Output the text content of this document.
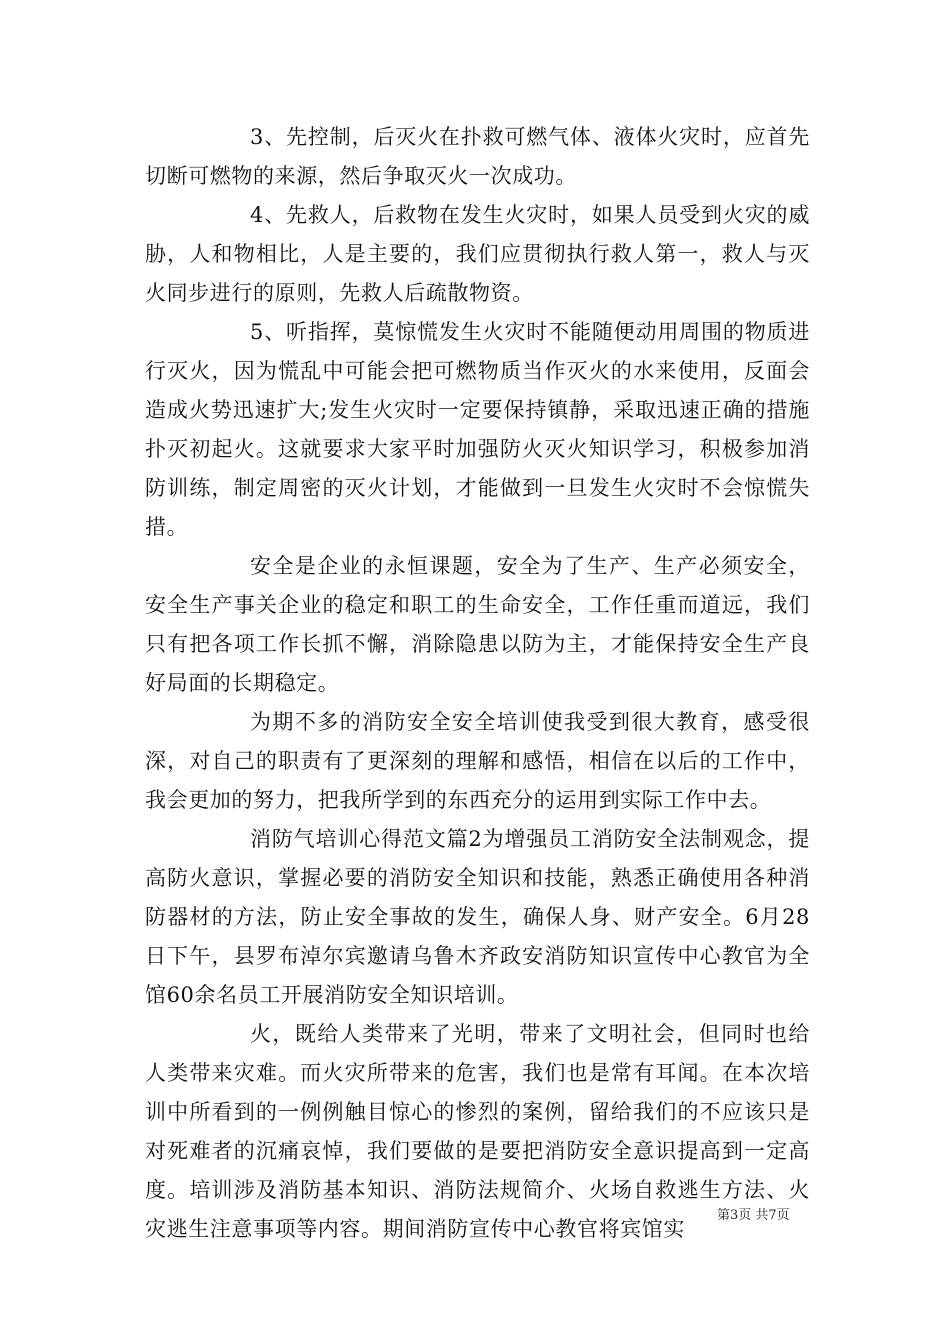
3、先控制，后灭火在扑救可燃气体、液体火灾时，应首先切断可燃物的来源，然后争取灭火一次成功。

4、先救人，后救物在发生火灾时，如果人员受到火灾的威胁，人和物相比，人是主要的，我们应贯彻执行救人第一，救人与灭火同步进行的原则，先救人后疏散物资。

5、听指挥，莫惊慌发生火灾时不能随便动用周围的物质进行灭火，因为慌乱中可能会把可燃物质当作灭火的水来使用，反面会造成火势迅速扩大;发生火灾时一定要保持镇静，采取迅速正确的措施扑灭初起火。这就要求大家平时加强防火灭火知识学习，积极参加消防训练，制定周密的灭火计划，才能做到一旦发生火灾时不会惊慌失措。

安全是企业的永恒课题，安全为了生产、生产必须安全，安全生产事关企业的稳定和职工的生命安全，工作任重而道远，我们只有把各项工作长抓不懈，消除隐患以防为主，才能保持安全生产良好局面的长期稳定。

为期不多的消防安全安全培训使我受到很大教育，感受很深，对自己的职责有了更深刻的理解和感悟，相信在以后的工作中，我会更加的努力，把我所学到的东西充分的运用到实际工作中去。

消防气培训心得范文篇2为增强员工消防安全法制观念，提高防火意识，掌握必要的消防安全知识和技能，熟悉正确使用各种消防器材的方法，防止安全事故的发生，确保人身、财产安全。6月28日下午，县罗布淖尔宾邀请乌鲁木齐政安消防知识宣传中心教官为全馆60余名员工开展消防安全知识培训。

火，既给人类带来了光明，带来了文明社会，但同时也给人类带来灾难。而火灾所带来的危害，我们也是常有耳闻。在本次培训中所看到的一例例触目惊心的惨烈的案例，留给我们的不应该只是对死难者的沉痛哀悼，我们要做的是要把消防安全意识提高到一定高度。培训涉及消防基本知识、消防法规简介、火场自救逃生方法、火灾逃生注意事项等内容。期间消防宣传中心教官将宾馆实

第3页 共7页
